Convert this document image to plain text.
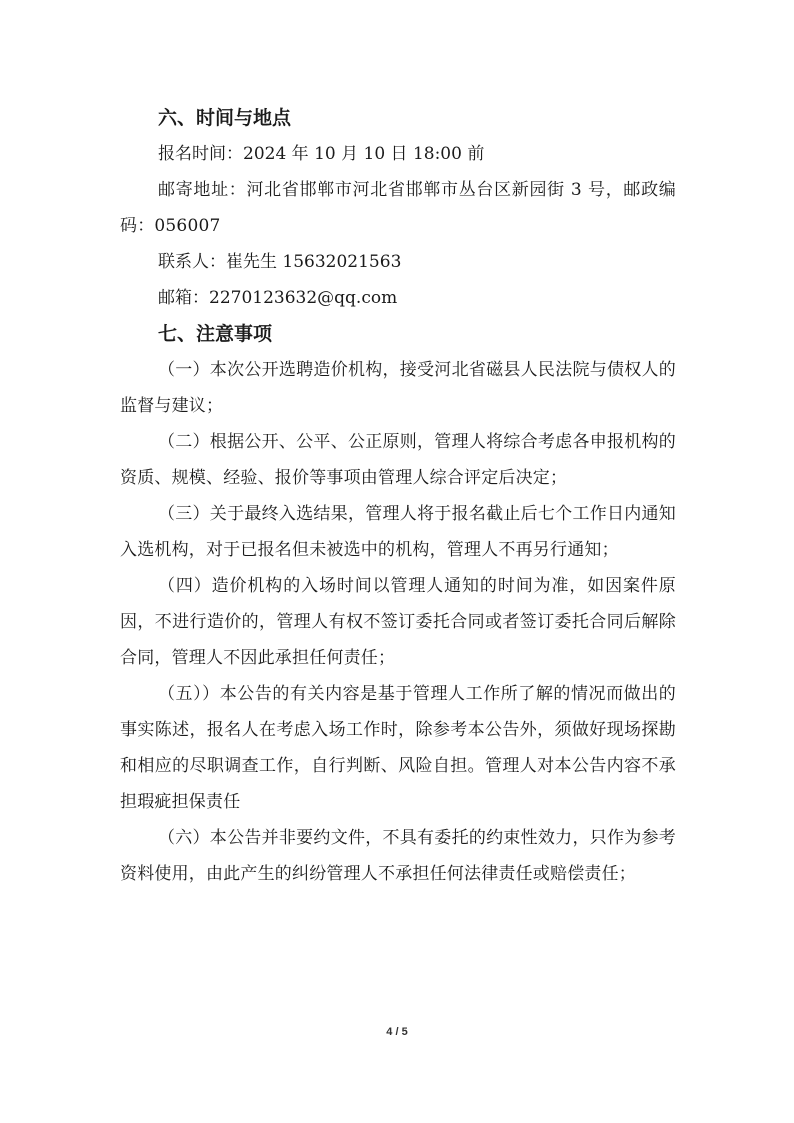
六、时间与地点
报名时间：2024 年 10 月 10 日 18:00 前
邮寄地址：河北省邯郸市河北省邯郸市丛台区新园街 3 号，邮政编码：056007
联系人：崔先生 15632021563
邮箱：2270123632@qq.com
七、注意事项
（一）本次公开选聘造价机构，接受河北省磁县人民法院与债权人的监督与建议；
（二）根据公开、公平、公正原则，管理人将综合考虑各申报机构的资质、规模、经验、报价等事项由管理人综合评定后决定；
（三）关于最终入选结果，管理人将于报名截止后七个工作日内通知入选机构，对于已报名但未被选中的机构，管理人不再另行通知；
（四）造价机构的入场时间以管理人通知的时间为准，如因案件原因，不进行造价的，管理人有权不签订委托合同或者签订委托合同后解除合同，管理人不因此承担任何责任；
（五））本公告的有关内容是基于管理人工作所了解的情况而做出的事实陈述，报名人在考虑入场工作时，除参考本公告外，须做好现场探勘和相应的尽职调查工作，自行判断、风险自担。管理人对本公告内容不承担瑕疵担保责任
（六）本公告并非要约文件，不具有委托的约束性效力，只作为参考资料使用，由此产生的纠纷管理人不承担任何法律责任或赔偿责任；
4 / 5
